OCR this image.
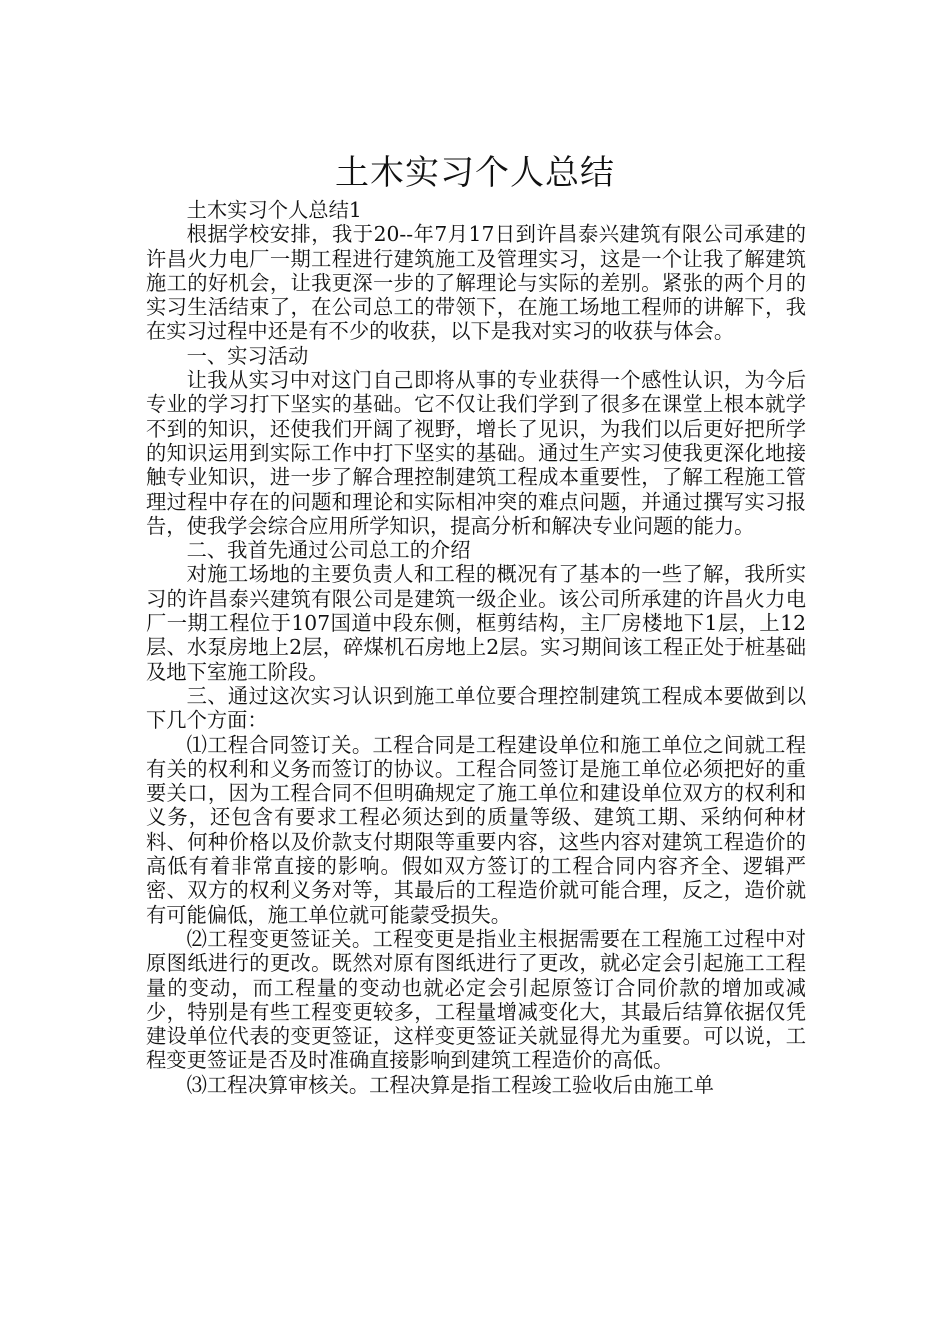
土木实习个人总结

土木实习个人总结1

根据学校安排，我于20--年7月17日到许昌泰兴建筑有限公司承建的许昌火力电厂一期工程进行建筑施工及管理实习，这是一个让我了解建筑施工的好机会，让我更深一步的了解理论与实际的差别。紧张的两个月的实习生活结束了，在公司总工的带领下，在施工场地工程师的讲解下，我在实习过程中还是有不少的收获，以下是我对实习的收获与体会。

一、实习活动

让我从实习中对这门自己即将从事的专业获得一个感性认识，为今后专业的学习打下坚实的基础。它不仅让我们学到了很多在课堂上根本就学不到的知识，还使我们开阔了视野，增长了见识，为我们以后更好把所学的知识运用到实际工作中打下坚实的基础。通过生产实习使我更深化地接触专业知识，进一步了解合理控制建筑工程成本重要性，了解工程施工管理过程中存在的问题和理论和实际相冲突的难点问题，并通过撰写实习报告，使我学会综合应用所学知识，提高分析和解决专业问题的能力。

二、我首先通过公司总工的介绍

对施工场地的主要负责人和工程的概况有了基本的一些了解，我所实习的许昌泰兴建筑有限公司是建筑一级企业。该公司所承建的许昌火力电厂一期工程位于107国道中段东侧，框剪结构，主厂房楼地下1层，上12层、水泵房地上2层，碎煤机石房地上2层。实习期间该工程正处于桩基础及地下室施工阶段。

三、通过这次实习认识到施工单位要合理控制建筑工程成本要做到以下几个方面：

⑴工程合同签订关。工程合同是工程建设单位和施工单位之间就工程有关的权利和义务而签订的协议。工程合同签订是施工单位必须把好的重要关口，因为工程合同不但明确规定了施工单位和建设单位双方的权利和义务，还包含有要求工程必须达到的质量等级、建筑工期、采纳何种材料、何种价格以及价款支付期限等重要内容，这些内容对建筑工程造价的高低有着非常直接的影响。假如双方签订的工程合同内容齐全、逻辑严密、双方的权利义务对等，其最后的工程造价就可能合理，反之，造价就有可能偏低，施工单位就可能蒙受损失。

⑵工程变更签证关。工程变更是指业主根据需要在工程施工过程中对原图纸进行的更改。既然对原有图纸进行了更改，就必定会引起施工工程量的变动，而工程量的变动也就必定会引起原签订合同价款的增加或减少，特别是有些工程变更较多，工程量增减变化大，其最后结算依据仅凭建设单位代表的变更签证，这样变更签证关就显得尤为重要。可以说，工程变更签证是否及时准确直接影响到建筑工程造价的高低。

⑶工程决算审核关。工程决算是指工程竣工验收后由施工单
